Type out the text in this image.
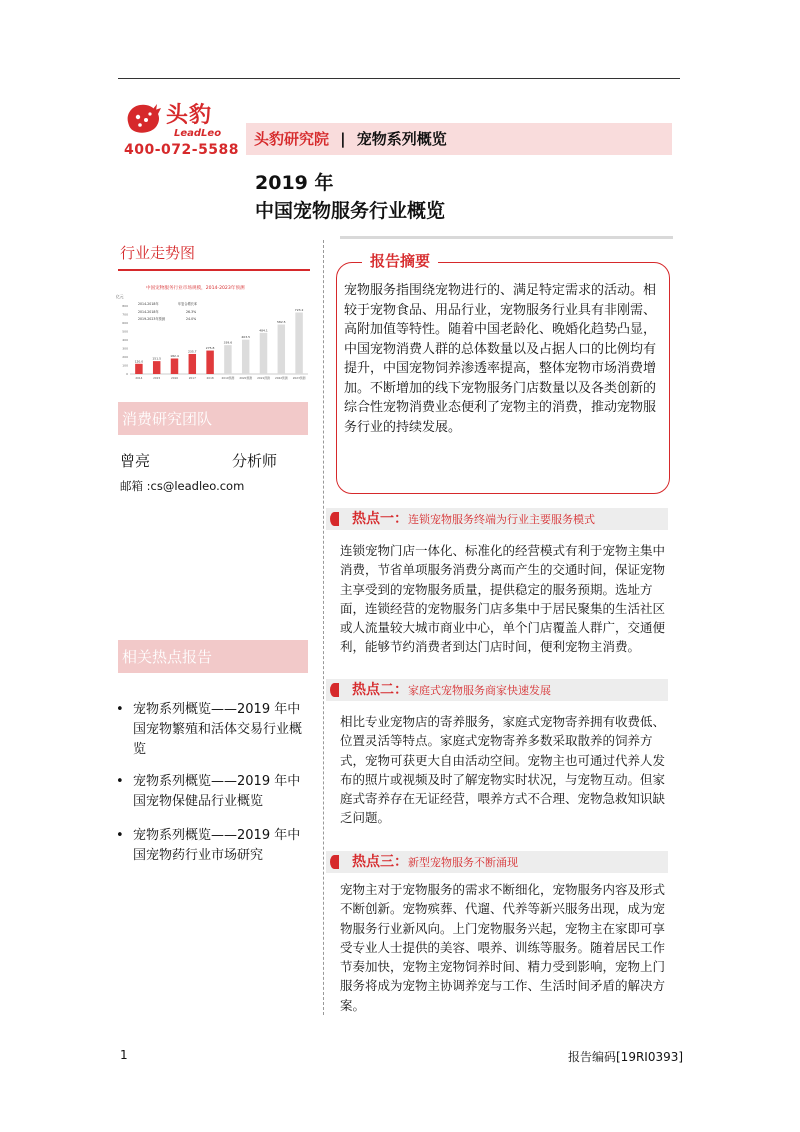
头豹
LeadLeo
400-072-5588
头豹研究院 | 宠物系列概览
2019 年
中国宠物服务行业概览
行业走势图
中国宠物服务行业市场规模，2014-2023年预测
亿元
2014-2018年	年复合增长率
2014-2018年	26.3%
2019-2023年预测	24.0%
0
100
200
300
400
500
600
700
800
120.0
2014
151.5
2015
182.4
2016
235.7
2017
275.8
2018
339.6
2019预测
403.5
2020预测
484.1
2021预测
582.5
2022预测
723.2
2023预测
消费研究团队
曾亮	分析师
邮箱 :cs@leadleo.com
相关热点报告
• 宠物系列概览——2019 年中国宠物繁殖和活体交易行业概览
• 宠物系列概览——2019 年中国宠物保健品行业概览
• 宠物系列概览——2019 年中国宠物药行业市场研究
报告摘要
宠物服务指围绕宠物进行的、满足特定需求的活动。相较于宠物食品、用品行业，宠物服务行业具有非刚需、高附加值等特性。随着中国老龄化、晚婚化趋势凸显，中国宠物消费人群的总体数量以及占据人口的比例均有提升，中国宠物饲养渗透率提高，整体宠物市场消费增加。不断增加的线下宠物服务门店数量以及各类创新的综合性宠物消费业态便利了宠物主的消费，推动宠物服务行业的持续发展。
热点一：连锁宠物服务终端为行业主要服务模式
连锁宠物门店一体化、标准化的经营模式有利于宠物主集中消费，节省单项服务消费分离而产生的交通时间，保证宠物主享受到的宠物服务质量，提供稳定的服务预期。选址方面，连锁经营的宠物服务门店多集中于居民聚集的生活社区或人流量较大城市商业中心，单个门店覆盖人群广，交通便利，能够节约消费者到达门店时间，便利宠物主消费。
热点二：家庭式宠物服务商家快速发展
相比专业宠物店的寄养服务，家庭式宠物寄养拥有收费低、位置灵活等特点。家庭式宠物寄养多数采取散养的饲养方式，宠物可获更大自由活动空间。宠物主也可通过代养人发布的照片或视频及时了解宠物实时状况，与宠物互动。但家庭式寄养存在无证经营，喂养方式不合理、宠物急救知识缺乏问题。
热点三：新型宠物服务不断涌现
宠物主对于宠物服务的需求不断细化，宠物服务内容及形式不断创新。宠物殡葬、代遛、代养等新兴服务出现，成为宠物服务行业新风向。上门宠物服务兴起，宠物主在家即可享受专业人士提供的美容、喂养、训练等服务。随着居民工作节奏加快，宠物主宠物饲养时间、精力受到影响，宠物上门服务将成为宠物主协调养宠与工作、生活时间矛盾的解决方案。
1	报告编码[19RI0393]
